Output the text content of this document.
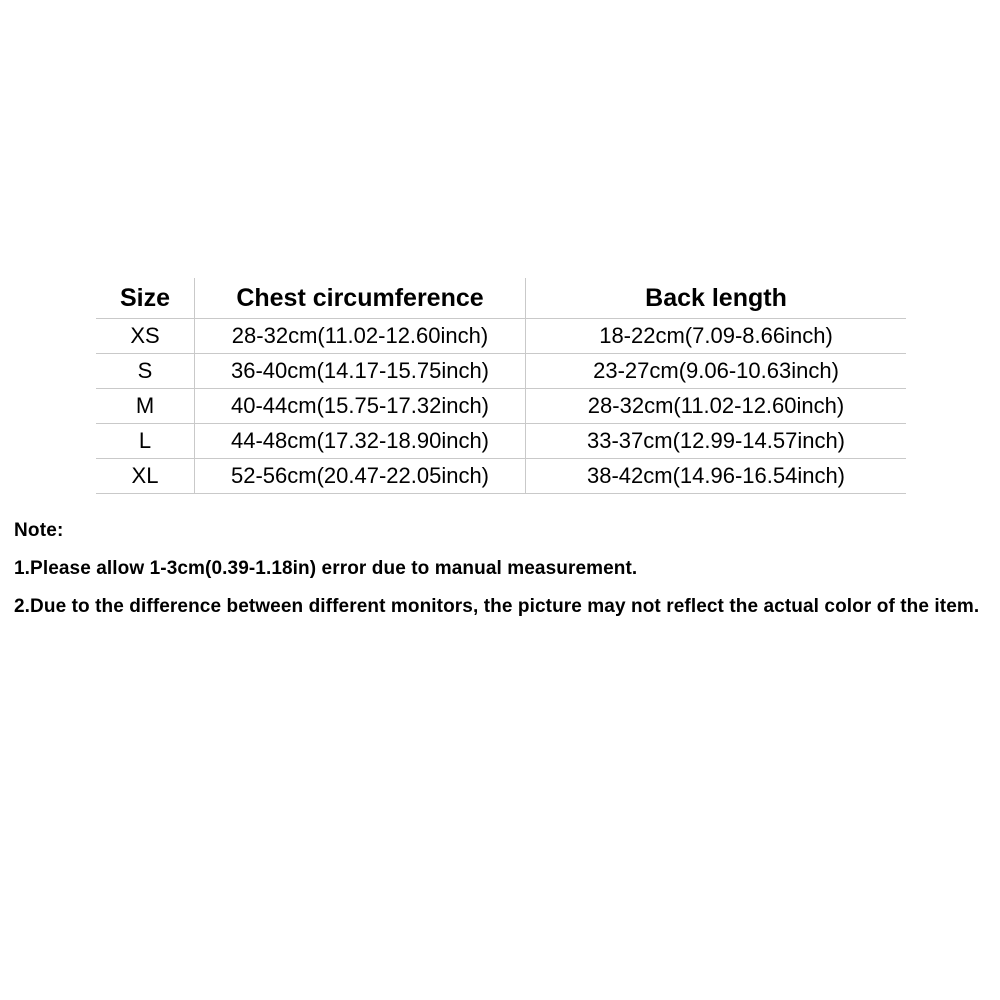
Size	Chest circumference	Back length
XS	28-32cm(11.02-12.60inch)	18-22cm(7.09-8.66inch)
S	36-40cm(14.17-15.75inch)	23-27cm(9.06-10.63inch)
M	40-44cm(15.75-17.32inch)	28-32cm(11.02-12.60inch)
L	44-48cm(17.32-18.90inch)	33-37cm(12.99-14.57inch)
XL	52-56cm(20.47-22.05inch)	38-42cm(14.96-16.54inch)

Note:

1.Please allow 1-3cm(0.39-1.18in) error due to manual measurement.

2.Due to the difference between different monitors, the picture may not reflect the actual color of the item.
